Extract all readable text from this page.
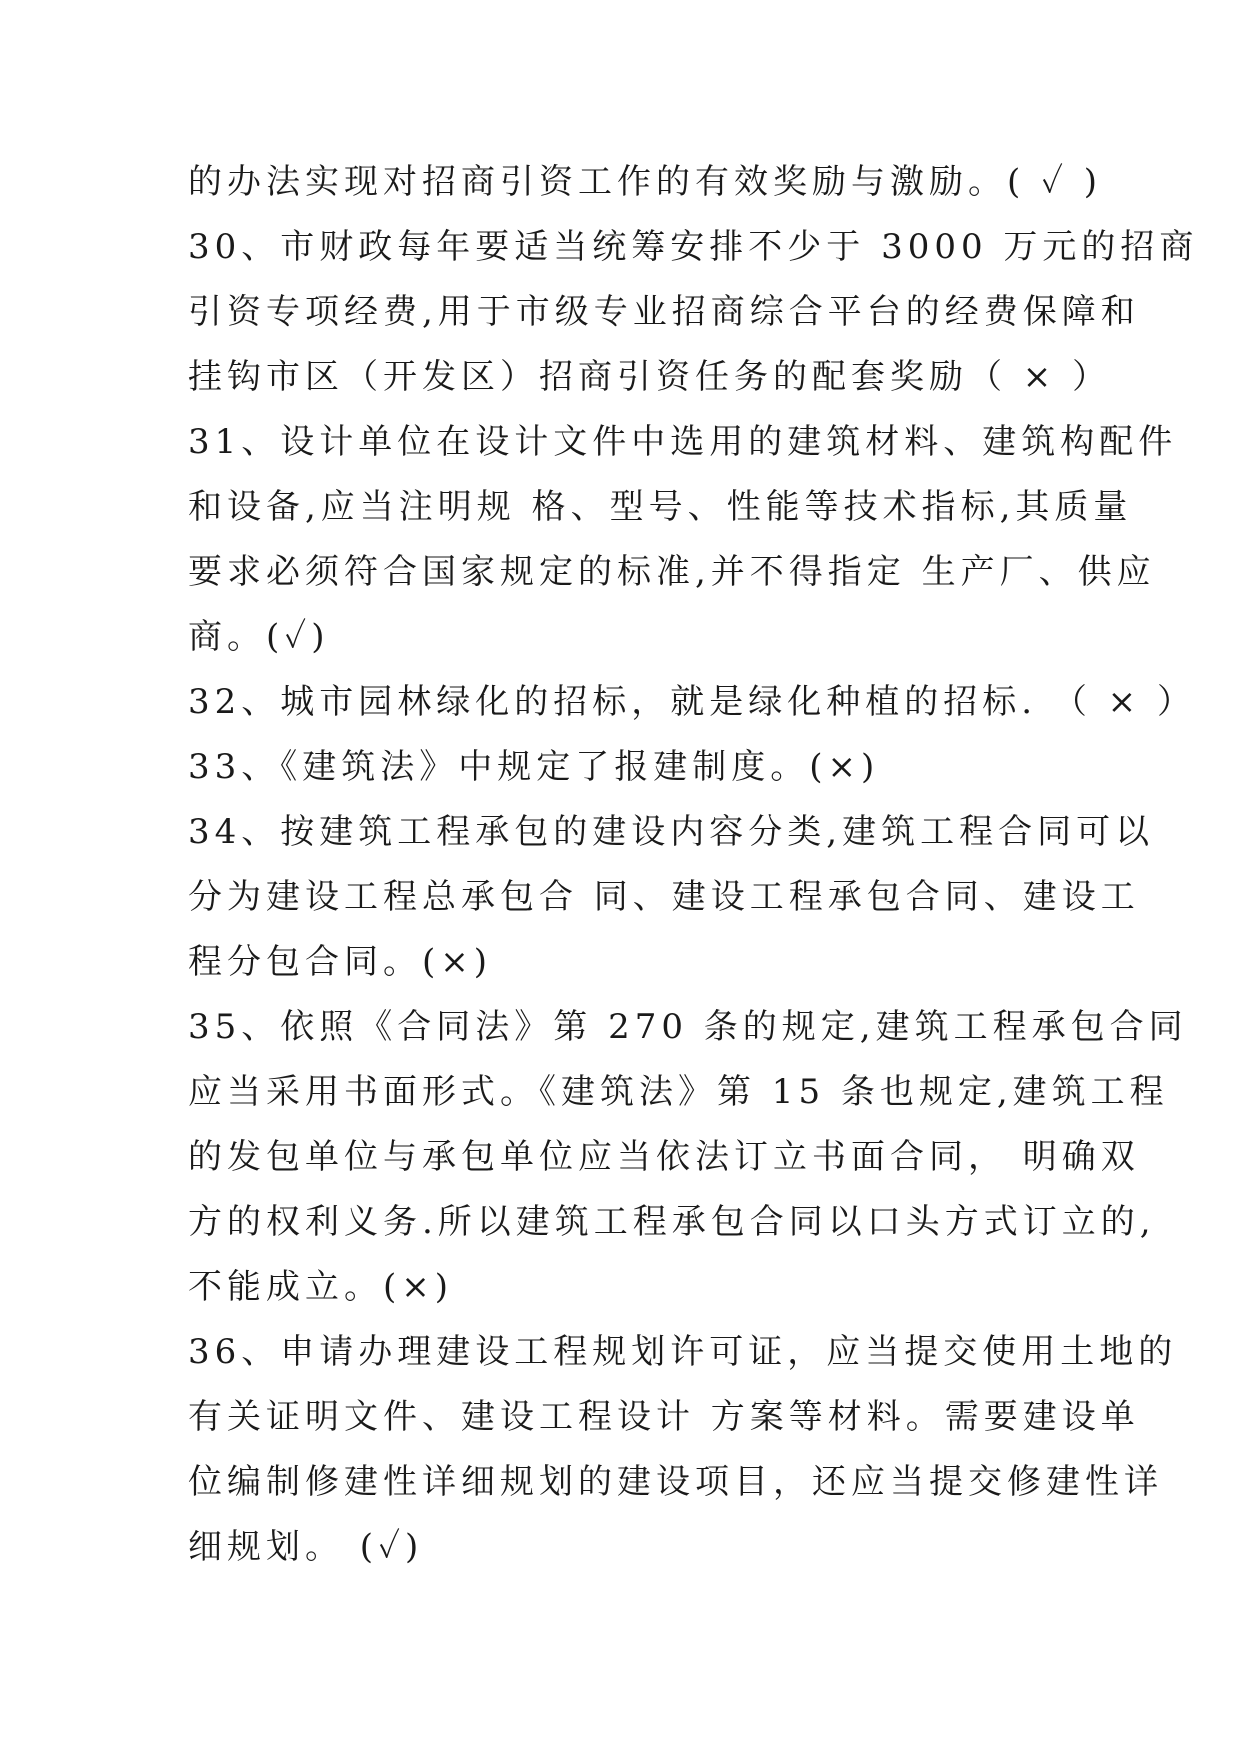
的办法实现对招商引资工作的有效奖励与激励。( ✓ )
30、市财政每年要适当统筹安排不少于 3000 万元的招商
引资专项经费,用于市级专业招商综合平台的经费保障和
挂钩市区（开发区）招商引资任务的配套奖励（ × ）
31、设计单位在设计文件中选用的建筑材料、建筑构配件
和设备,应当注明规 格、型号、性能等技术指标,其质量
要求必须符合国家规定的标准,并不得指定 生产厂、供应
商。(✓)
32、城市园林绿化的招标，就是绿化种植的招标. （ × ）
33、《建筑法》中规定了报建制度。(×)
34、按建筑工程承包的建设内容分类,建筑工程合同可以
分为建设工程总承包合 同、建设工程承包合同、建设工
程分包合同。(×)
35、依照《合同法》第 270 条的规定,建筑工程承包合同
应当采用书面形式。《建筑法》第 15 条也规定,建筑工程
的发包单位与承包单位应当依法订立书面合同， 明确双
方的权利义务.所以建筑工程承包合同以口头方式订立的,
不能成立。(×)
36、申请办理建设工程规划许可证，应当提交使用土地的
有关证明文件、建设工程设计 方案等材料。需要建设单
位编制修建性详细规划的建设项目，还应当提交修建性详
细规划。 (✓)
